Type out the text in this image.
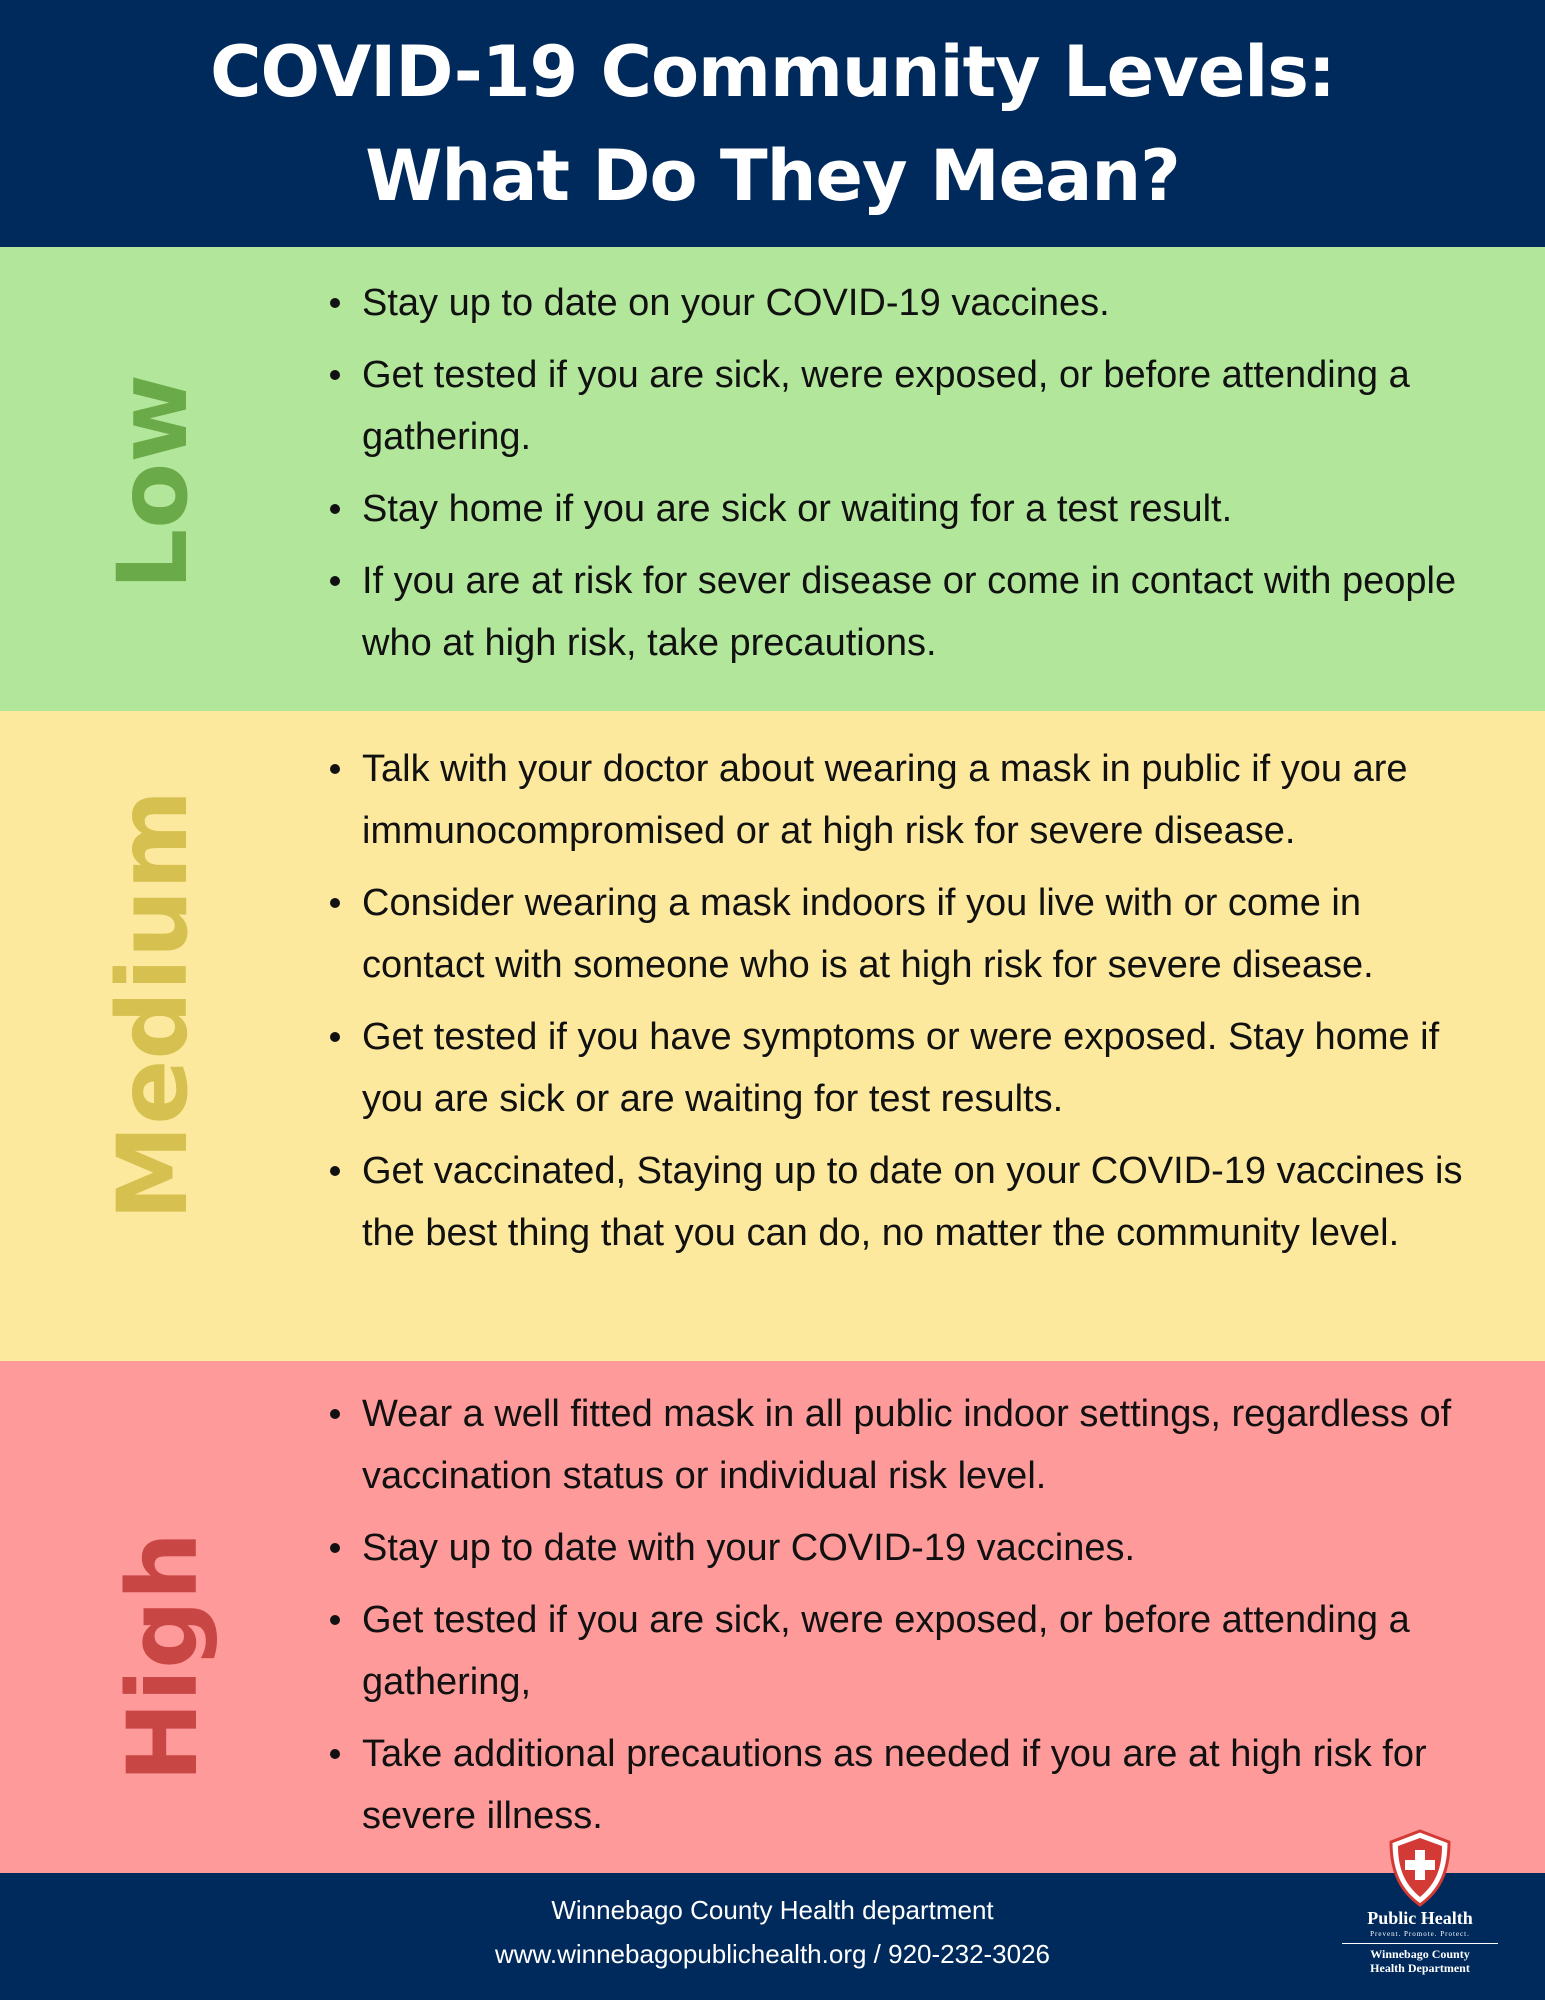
COVID-19 Community Levels:
What Do They Mean?
Low
Stay up to date on your COVID-19 vaccines.
Get tested if you are sick, were exposed, or before attending a gathering.
Stay home if you are sick or waiting for a test result.
If you are at risk for sever disease or come in contact with people who at high risk, take precautions.
Medium
Talk with your doctor about wearing a mask in public if you are immunocompromised or at high risk for severe disease.
Consider wearing a mask indoors if you live with or come in contact with someone who is at high risk for severe disease.
Get tested if you have symptoms or were exposed. Stay home if you are sick or are waiting for test results.
Get vaccinated, Staying up to date on your COVID-19 vaccines is the best thing that you can do, no matter the community level.
High
Wear a well fitted mask in all public indoor settings, regardless of vaccination status or individual risk level.
Stay up to date with your COVID-19 vaccines.
Get tested if you are sick, were exposed, or before attending a gathering,
Take additional precautions as needed if you are at high risk for severe illness.
Winnebago County Health department
www.winnebagopublichealth.org / 920-232-3026
Public Health
Prevent. Promote. Protect.
Winnebago County
Health Department
